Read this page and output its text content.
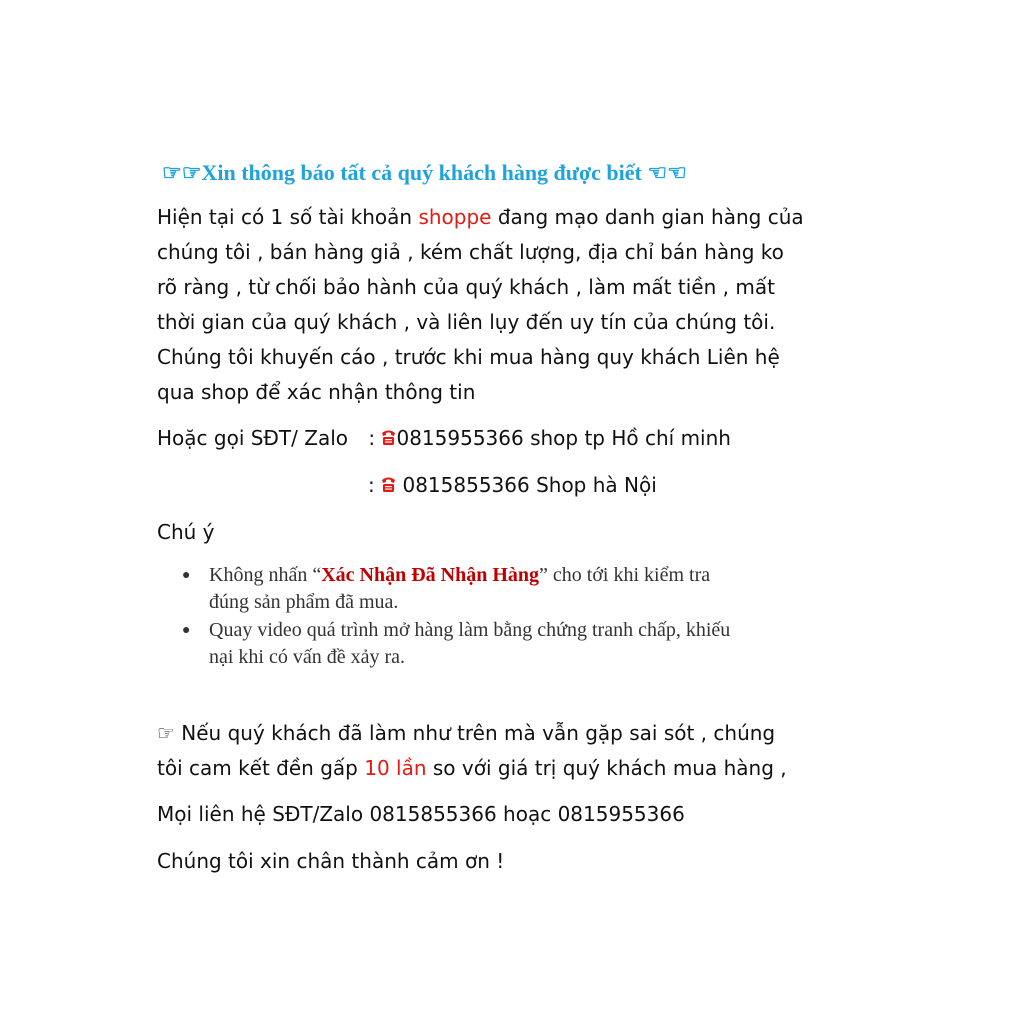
☞☞Xin thông báo tất cả quý khách hàng được biết ☜☜
Hiện tại có 1 số tài khoản shoppe đang mạo danh gian hàng của
chúng tôi , bán hàng giả , kém chất lượng, địa chỉ bán hàng ko
rõ ràng , từ chối bảo hành của quý khách , làm mất tiền , mất
thời gian của quý khách , và liên lụy đến uy tín của chúng tôi.
Chúng tôi khuyến cáo , trước khi mua hàng quy khách Liên hệ
qua shop để xác nhận thông tin
Hoặc gọi SĐT/ Zalo : 0815955366 shop tp Hồ chí minh
: 0815855366 Shop hà Nội
Chú ý
● Không nhấn “Xác Nhận Đã Nhận Hàng” cho tới khi kiểm tra
đúng sản phẩm đã mua.
● Quay video quá trình mở hàng làm bằng chứng tranh chấp, khiếu
nại khi có vấn đề xảy ra.
☞ Nếu quý khách đã làm như trên mà vẫn gặp sai sót , chúng
tôi cam kết đền gấp 10 lần so với giá trị quý khách mua hàng ,
Mọi liên hệ SĐT/Zalo 0815855366 hoạc 0815955366
Chúng tôi xin chân thành cảm ơn !
